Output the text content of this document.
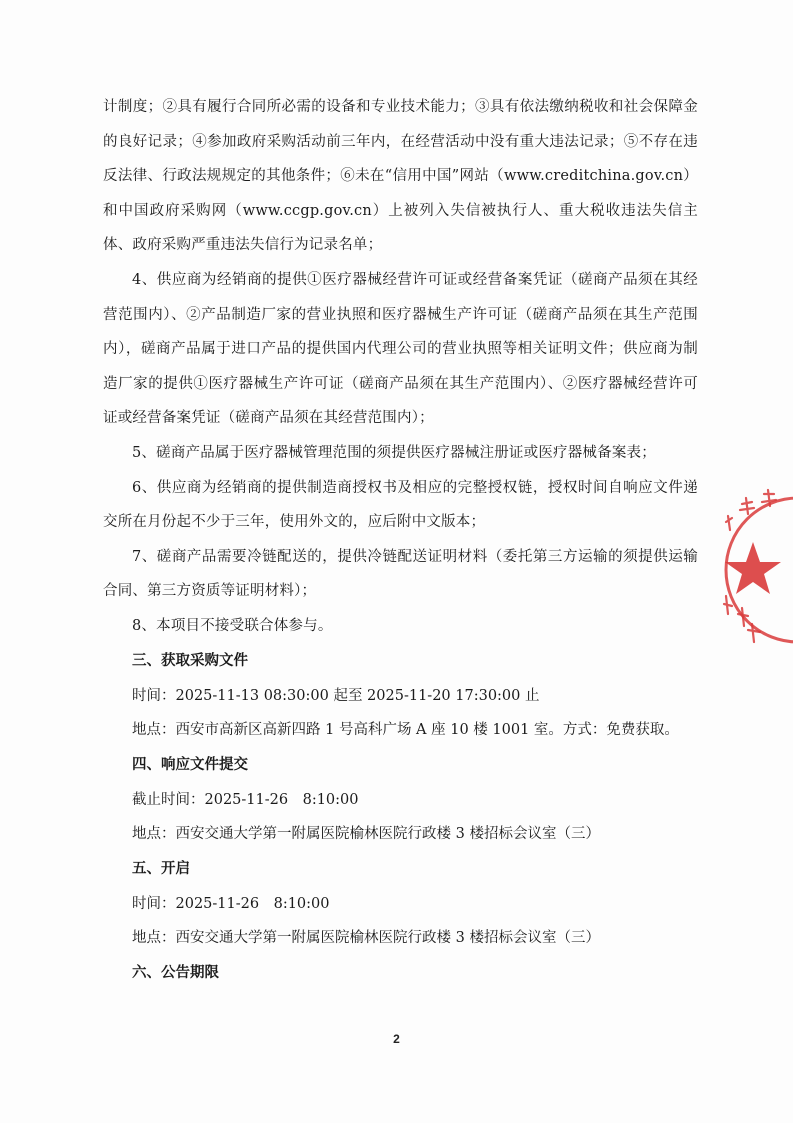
计制度；②具有履行合同所必需的设备和专业技术能力；③具有依法缴纳税收和社会保障金的良好记录；④参加政府采购活动前三年内，在经营活动中没有重大违法记录；⑤不存在违反法律、行政法规规定的其他条件；⑥未在“信用中国”网站（www.creditchina.gov.cn）和中国政府采购网（www.ccgp.gov.cn）上被列入失信被执行人、重大税收违法失信主体、政府采购严重违法失信行为记录名单；

4、供应商为经销商的提供①医疗器械经营许可证或经营备案凭证（磋商产品须在其经营范围内）、②产品制造厂家的营业执照和医疗器械生产许可证（磋商产品须在其生产范围内），磋商产品属于进口产品的提供国内代理公司的营业执照等相关证明文件；供应商为制造厂家的提供①医疗器械生产许可证（磋商产品须在其生产范围内）、②医疗器械经营许可证或经营备案凭证（磋商产品须在其经营范围内）；

5、磋商产品属于医疗器械管理范围的须提供医疗器械注册证或医疗器械备案表；

6、供应商为经销商的提供制造商授权书及相应的完整授权链，授权时间自响应文件递交所在月份起不少于三年，使用外文的，应后附中文版本；

7、磋商产品需要冷链配送的，提供冷链配送证明材料（委托第三方运输的须提供运输合同、第三方资质等证明材料）；

8、本项目不接受联合体参与。

三、获取采购文件
时间：2025-11-13 08:30:00 起至 2025-11-20 17:30:00 止
地点：西安市高新区高新四路 1 号高科广场 A 座 10 楼 1001 室。方式：免费获取。
四、响应文件提交
截止时间：2025-11-26　8:10:00
地点：西安交通大学第一附属医院榆林医院行政楼 3 楼招标会议室（三）
五、开启
时间：2025-11-26　8:10:00
地点：西安交通大学第一附属医院榆林医院行政楼 3 楼招标会议室（三）
六、公告期限
2
